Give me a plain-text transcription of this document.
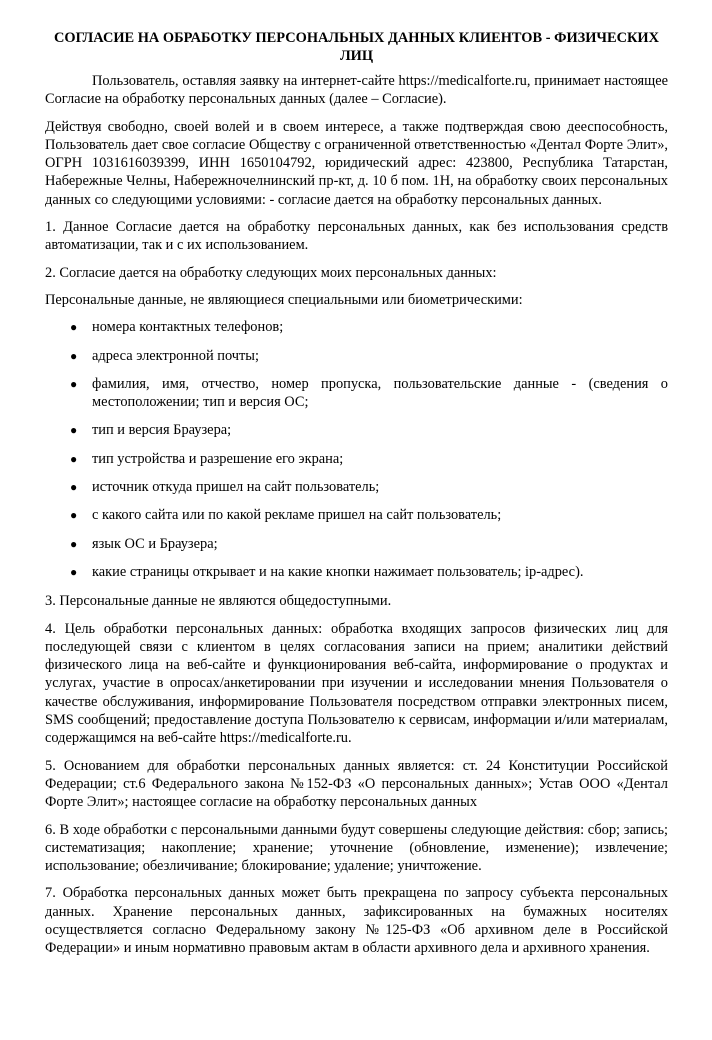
СОГЛАСИЕ НА ОБРАБОТКУ ПЕРСОНАЛЬНЫХ ДАННЫХ КЛИЕНТОВ - ФИЗИЧЕСКИХ ЛИЦ

Пользователь, оставляя заявку на интернет-сайте https://medicalforte.ru, принимает настоящее Согласие на обработку персональных данных (далее – Согласие).

Действуя свободно, своей волей и в своем интересе, а также подтверждая свою дееспособность, Пользователь дает свое согласие Обществу с ограниченной ответственностью «Дентал Форте Элит», ОГРН 1031616039399, ИНН 1650104792, юридический адрес: 423800, Республика Татарстан, Набережные Челны, Набережночелнинский пр-кт, д. 10 б пом. 1Н, на обработку своих персональных данных со следующими условиями: - согласие дается на обработку персональных данных.

1. Данное Согласие дается на обработку персональных данных, как без использования средств автоматизации, так и с их использованием.

2. Согласие дается на обработку следующих моих персональных данных:

Персональные данные, не являющиеся специальными или биометрическими:

● номера контактных телефонов;
● адреса электронной почты;
● фамилия, имя, отчество, номер пропуска, пользовательские данные - (сведения о местоположении; тип и версия ОС;
● тип и версия Браузера;
● тип устройства и разрешение его экрана;
● источник откуда пришел на сайт пользователь;
● с какого сайта или по какой рекламе пришел на сайт пользователь;
● язык ОС и Браузера;
● какие страницы открывает и на какие кнопки нажимает пользователь; ip-адрес).

3. Персональные данные не являются общедоступными.

4. Цель обработки персональных данных: обработка входящих запросов физических лиц для последующей связи с клиентом в целях согласования записи на прием; аналитики действий физического лица на веб-сайте и функционирования веб-сайта, информирование о продуктах и услугах, участие в опросах/анкетировании при изучении и исследовании мнения Пользователя о качестве обслуживания, информирование Пользователя посредством отправки электронных писем, SMS сообщений; предоставление доступа Пользователю к сервисам, информации и/или материалам, содержащимся на веб-сайте https://medicalforte.ru.

5. Основанием для обработки персональных данных является: ст. 24 Конституции Российской Федерации; ст.6 Федерального закона №152-ФЗ «О персональных данных»; Устав ООО «Дентал Форте Элит»; настоящее согласие на обработку персональных данных

6. В ходе обработки с персональными данными будут совершены следующие действия: сбор; запись; систематизация; накопление; хранение; уточнение (обновление, изменение); извлечение; использование; обезличивание; блокирование; удаление; уничтожение.

7. Обработка персональных данных может быть прекращена по запросу субъекта персональных данных. Хранение персональных данных, зафиксированных на бумажных носителях осуществляется согласно Федеральному закону №125-ФЗ «Об архивном деле в Российской Федерации» и иным нормативно правовым актам в области архивного дела и архивного хранения.
